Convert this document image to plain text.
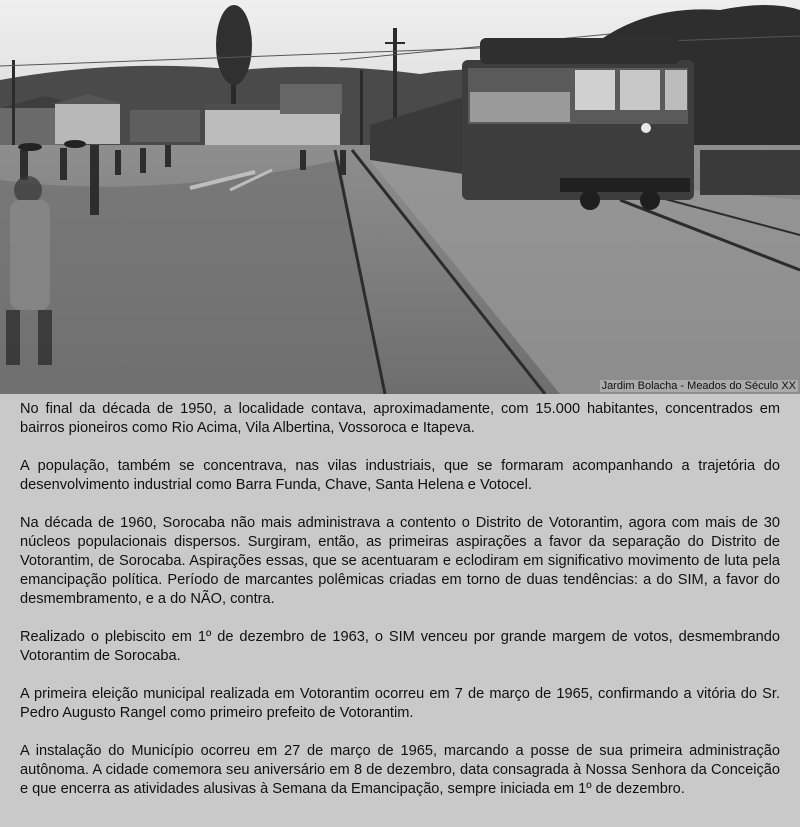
Jardim Bolacha - Meados do Século XX

No final da década de 1950, a localidade contava, aproximadamente, com 15.000 habitantes, concentrados em bairros pioneiros como Rio Acima, Vila Albertina, Vossoroca e Itapeva.

A população, também se concentrava, nas vilas industriais, que se formaram acompanhando a trajetória do desenvolvimento industrial como Barra Funda, Chave, Santa Helena e Votocel.

Na década de 1960, Sorocaba não mais administrava a contento o Distrito de Votorantim, agora com mais de 30 núcleos populacionais dispersos. Surgiram, então, as primeiras aspirações a favor da separação do Distrito de Votorantim, de Sorocaba. Aspirações essas, que se acentuaram e eclodiram em significativo movimento de luta pela emancipação política. Período de marcantes polêmicas criadas em torno de duas tendências: a do SIM, a favor do desmembramento, e a do NÃO, contra.

Realizado o plebiscito em 1º de dezembro de 1963, o SIM venceu por grande margem de votos, desmembrando Votorantim de Sorocaba.

A primeira eleição municipal realizada em Votorantim ocorreu em 7 de março de 1965, confirmando a vitória do Sr. Pedro Augusto Rangel como primeiro prefeito de Votorantim.

A instalação do Município ocorreu em 27 de março de 1965, marcando a posse de sua primeira administração autônoma. A cidade comemora seu aniversário em 8 de dezembro, data consagrada à Nossa Senhora da Conceição e que encerra as atividades alusivas à Semana da Emancipação, sempre iniciada em 1º de dezembro.
